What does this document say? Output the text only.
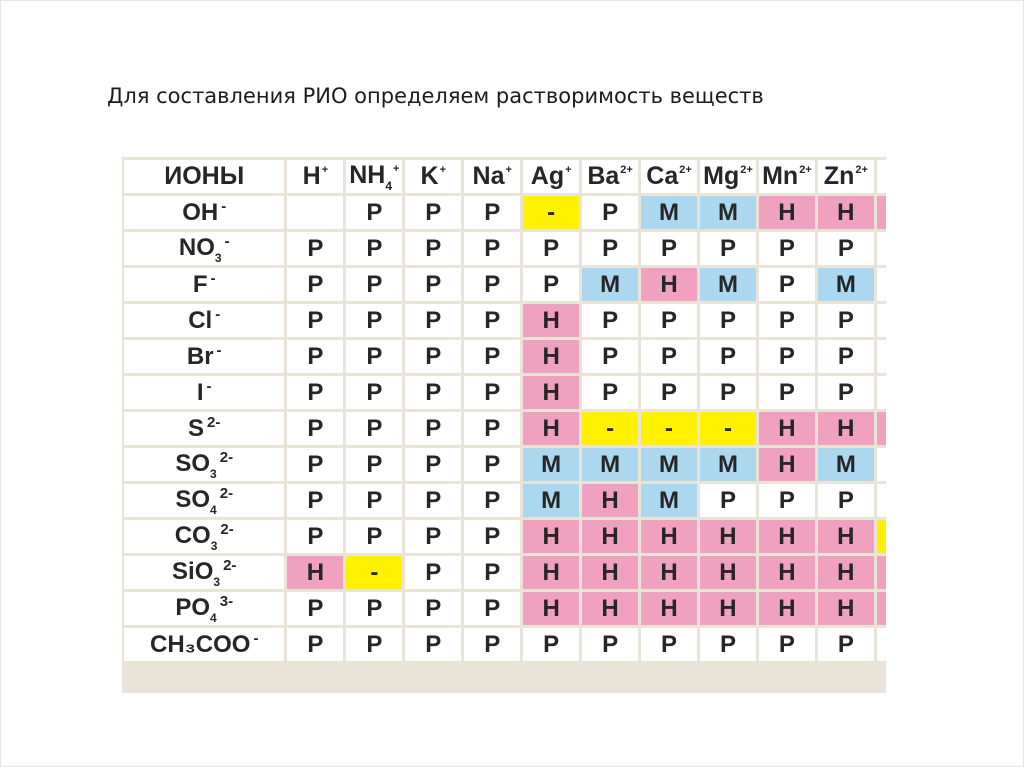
Для составления РИО определяем растворимость веществ
ИОНЫ	H+	$NH_4^+$	K+	Na+	Ag+	$Ba^{2+}$	$Ca^{2+}$	$Mg^{2+}$	$Mn^{2+}$	$Zn^{2+}$	
OH -		Р	Р	Р	-	Р	М	М	Н	Н	
$NO_3^-$	Р	Р	Р	Р	Р	Р	Р	Р	Р	Р	
F -	Р	Р	Р	Р	Р	М	Н	М	Р	М	
Cl -	Р	Р	Р	Р	Н	Р	Р	Р	Р	Р	
Br -	Р	Р	Р	Р	Н	Р	Р	Р	Р	Р	
I -	Р	Р	Р	Р	Н	Р	Р	Р	Р	Р	
S $^{2-}$	Р	Р	Р	Р	Н	-	-	-	Н	Н	
$SO_3^{2-}$	Р	Р	Р	Р	М	М	М	М	Н	М	
$SO_4^{2-}$	Р	Р	Р	Р	М	Н	М	Р	Р	Р	
$CO_3^{2-}$	Р	Р	Р	Р	Н	Н	Н	Н	Н	Н	
SiO$_3^{2-}$	Н	-	Р	Р	Н	Н	Н	Н	Н	Н	
$PO_4^{3-}$	Р	Р	Р	Р	Н	Н	Н	Н	Н	Н	
CH₃COO -	Р	Р	Р	Р	Р	Р	Р	Р	Р	Р	
